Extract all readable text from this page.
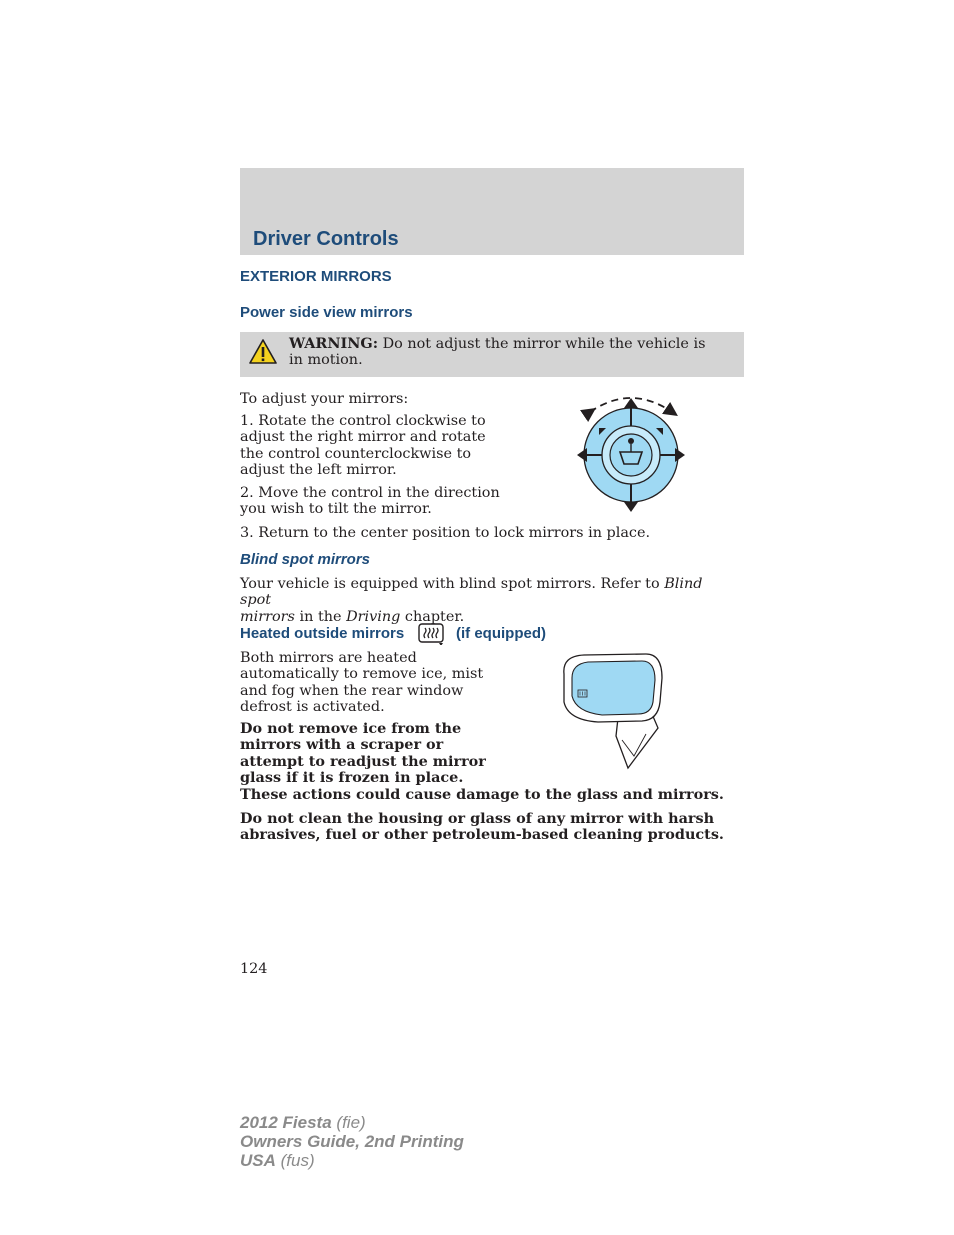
Driver Controls
EXTERIOR MIRRORS
Power side view mirrors
WARNING: Do not adjust the mirror while the vehicle is in motion.
To adjust your mirrors:
1. Rotate the control clockwise to
adjust the right mirror and rotate
the control counterclockwise to
adjust the left mirror.
2. Move the control in the direction
you wish to tilt the mirror.
3. Return to the center position to lock mirrors in place.
Blind spot mirrors
Your vehicle is equipped with blind spot mirrors. Refer to Blind spot
mirrors in the Driving chapter.
Heated outside mirrors	(if equipped)
Both mirrors are heated
automatically to remove ice, mist
and fog when the rear window
defrost is activated.
Do not remove ice from the
mirrors with a scraper or
attempt to readjust the mirror
glass if it is frozen in place.
These actions could cause damage to the glass and mirrors.
Do not clean the housing or glass of any mirror with harsh
abrasives, fuel or other petroleum-based cleaning products.
124
2012 Fiesta (fie)
Owners Guide, 2nd Printing
USA (fus)
